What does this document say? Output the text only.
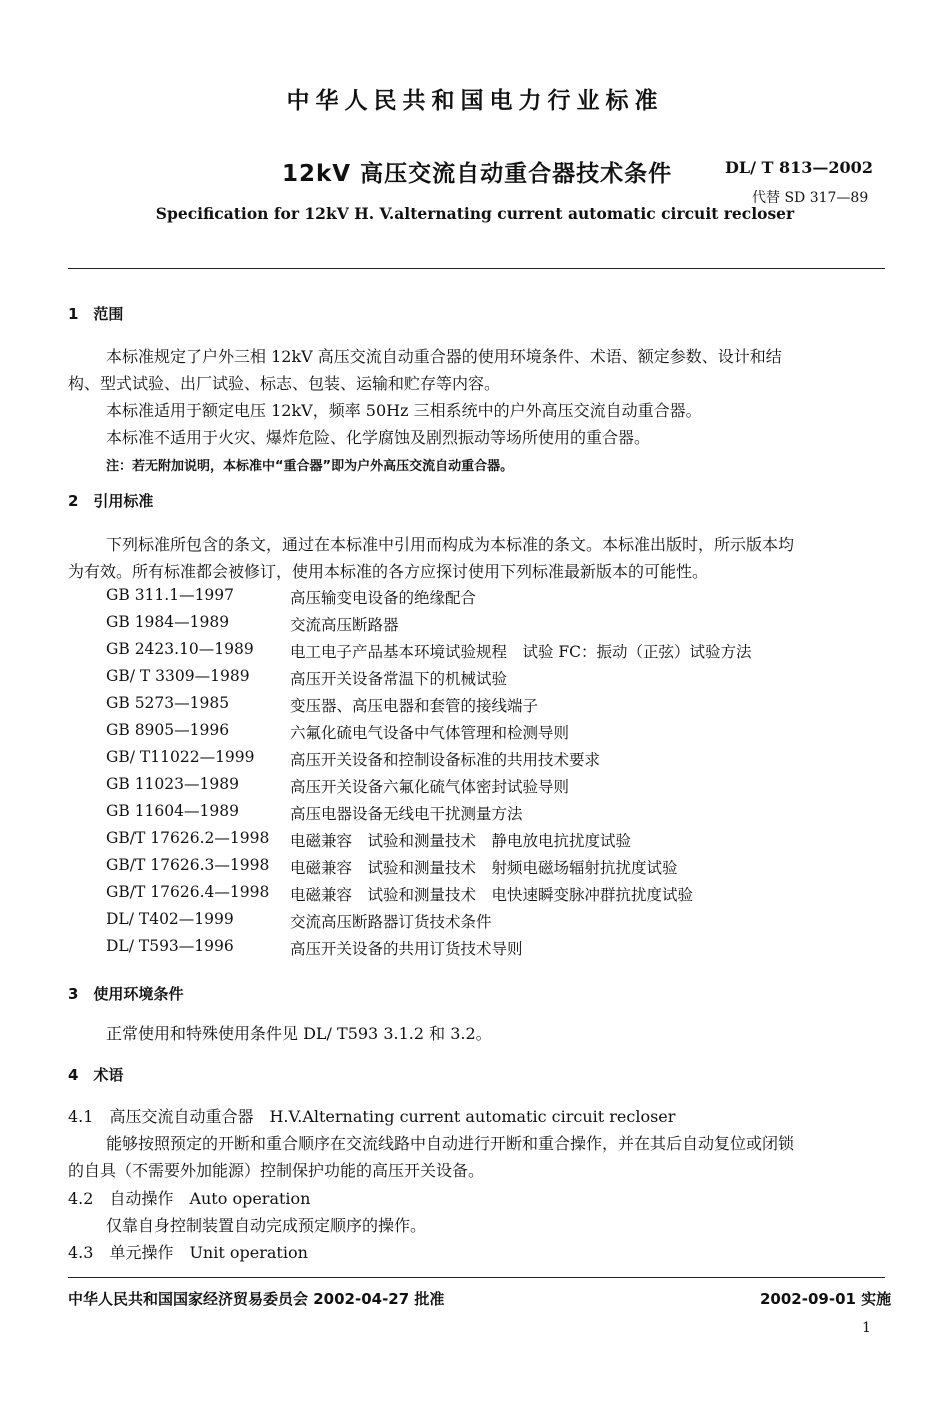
中华人民共和国电力行业标准
12kV 高压交流自动重合器技术条件	DL/ T 813—2002
代替 SD 317—89
Specification for 12kV H. V.alternating current automatic circuit recloser
1　范围
本标准规定了户外三相 12kV 高压交流自动重合器的使用环境条件、术语、额定参数、设计和结
构、型式试验、出厂试验、标志、包装、运输和贮存等内容。
本标准适用于额定电压 12kV，频率 50Hz 三相系统中的户外高压交流自动重合器。
本标准不适用于火灾、爆炸危险、化学腐蚀及剧烈振动等场所使用的重合器。
注：若无附加说明，本标准中“重合器”即为户外高压交流自动重合器。
2　引用标准
下列标准所包含的条文，通过在本标准中引用而构成为本标准的条文。本标准出版时，所示版本均
为有效。所有标准都会被修订，使用本标准的各方应探讨使用下列标准最新版本的可能性。
GB 311.1—1997	高压输变电设备的绝缘配合
GB 1984—1989	交流高压断路器
GB 2423.10—1989 电工电子产品基本环境试验规程　试验 FC：振动（正弦）试验方法
GB/ T 3309—1989	高压开关设备常温下的机械试验
GB 5273—1985	变压器、高压电器和套管的接线端子
GB 8905—1996	六氟化硫电气设备中气体管理和检测导则
GB/ T11022—1999 高压开关设备和控制设备标准的共用技术要求
GB 11023—1989	高压开关设备六氟化硫气体密封试验导则
GB 11604—1989	高压电器设备无线电干扰测量方法
GB/T 17626.2—1998 电磁兼容　试验和测量技术　静电放电抗扰度试验
GB/T 17626.3—1998 电磁兼容　试验和测量技术　射频电磁场辐射抗扰度试验
GB/T 17626.4—1998 电磁兼容　试验和测量技术　电快速瞬变脉冲群抗扰度试验
DL/ T402—1999	交流高压断路器订货技术条件
DL/ T593—1996	高压开关设备的共用订货技术导则
3　使用环境条件
正常使用和特殊使用条件见 DL/ T593 3.1.2 和 3.2。
4　术语
4.1　高压交流自动重合器　H.V.Alternating current automatic circuit recloser
能够按照预定的开断和重合顺序在交流线路中自动进行开断和重合操作，并在其后自动复位或闭锁
的自具（不需要外加能源）控制保护功能的高压开关设备。
4.2　自动操作　Auto operation
仅靠自身控制装置自动完成预定顺序的操作。
4.3　单元操作　Unit operation
中华人民共和国国家经济贸易委员会 2002-04-27 批准	2002-09-01 实施
1
